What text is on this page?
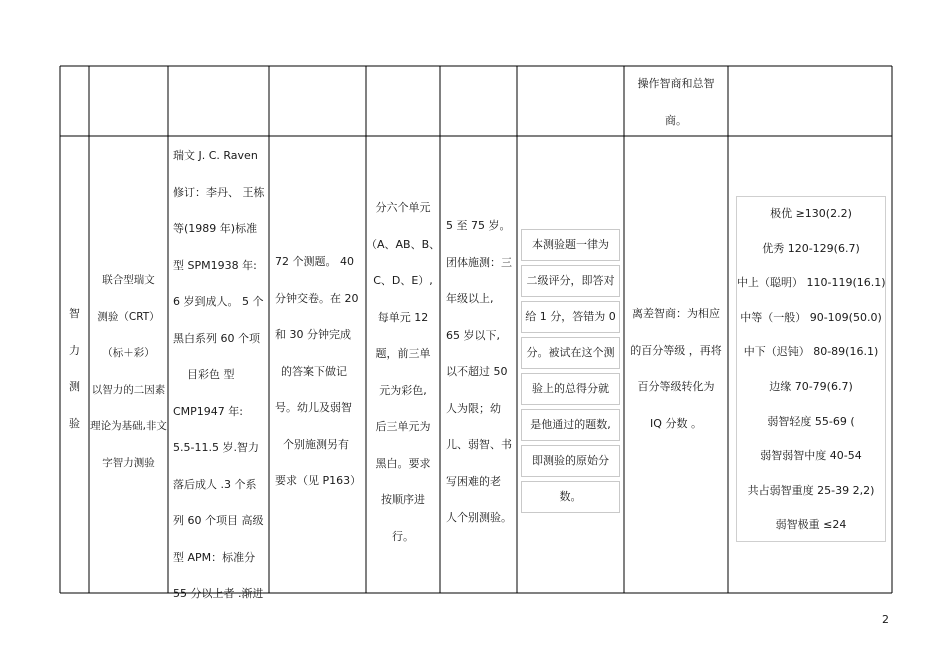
操作智商和总智
商。
智
力
测
验
联合型瑞文
测验（CRT）
（标＋彩）
以智力的二因素
理论为基础,非文
字智力测验
瑞文 J. C. Raven
修订：李丹、 王栋
等(1989 年)标准
型 SPM1938 年:
6 岁到成人。 5 个
黑白系列 60 个项
目彩色 型
CMP1947 年:
5.5-11.5 岁.智力
落后成人 .3 个系
列 60 个项目 高级
型 APM：标准分
55 分以上者 .渐进
72 个测题。 40
分钟交卷。在 20
和 30 分钟完成
的答案下做记
号。幼儿及弱智
个别施测另有
要求（见 P163）
分六个单元
（A、AB、B、
C、D、E）,
每单元 12
题，前三单
元为彩色,
后三单元为
黑白。要求
按顺序进
行。
5 至 75 岁。
团体施测：三
年级以上,
65 岁以下,
以不超过 50
人为限；幼
儿、弱智、书
写困难的老
人个别测验。
本测验题一律为
二级评分，即答对
给 1 分，答错为 0
分。被试在这个测
验上的总得分就
是他通过的题数,
即测验的原始分
数。
离差智商：为相应
的百分等级 ，再将
百分等级转化为
IQ 分数 。
极优 ≥130(2.2)
优秀 120-129(6.7)
中上（聪明） 110-119(16.1)
中等（一般） 90-109(50.0)
中下（迟钝） 80-89(16.1)
边缘 70-79(6.7)
弱智轻度 55-69 (
弱智弱智中度 40-54
共占弱智重度 25-39 2,2)
弱智极重 ≤24
2
